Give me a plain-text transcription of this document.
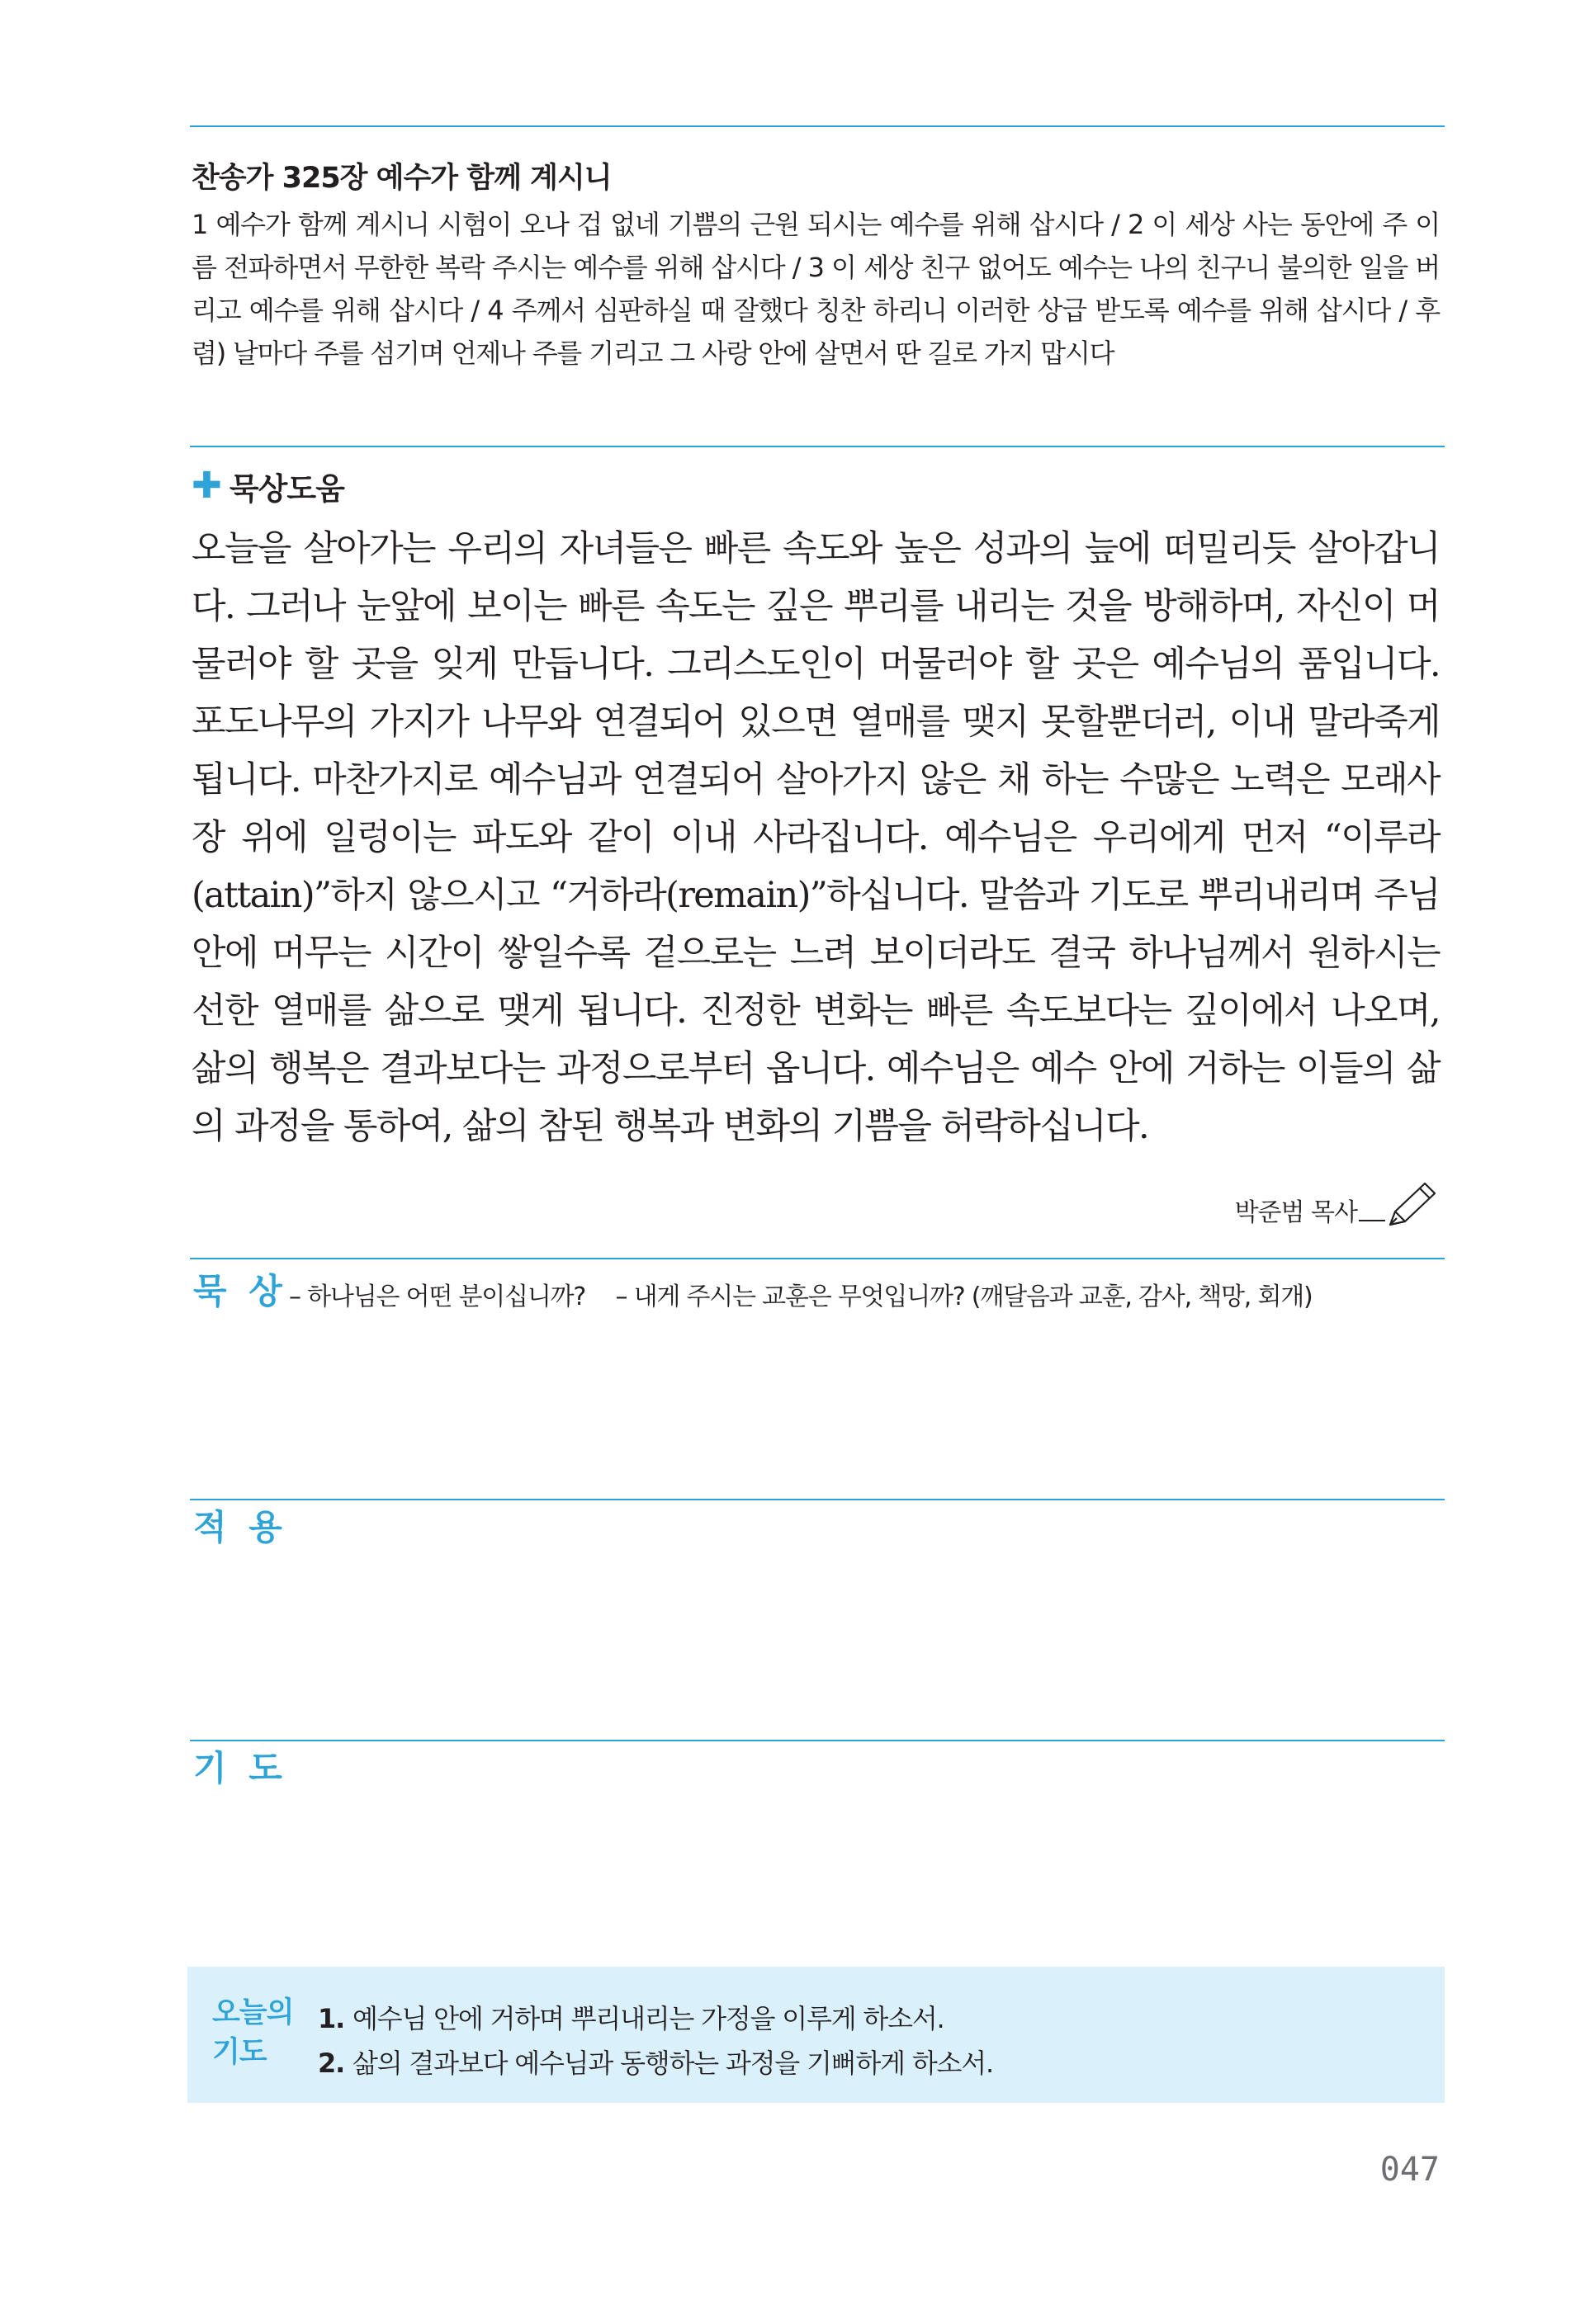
찬송가 325장 예수가 함께 계시니

1 예수가 함께 계시니 시험이 오나 겁 없네 기쁨의 근원 되시는 예수를 위해 삽시다 / 2 이 세상 사는 동안에 주 이름 전파하면서 무한한 복락 주시는 예수를 위해 삽시다 / 3 이 세상 친구 없어도 예수는 나의 친구니 불의한 일을 버리고 예수를 위해 삽시다 / 4 주께서 심판하실 때 잘했다 칭찬 하리니 이러한 상급 받도록 예수를 위해 삽시다 / 후렴) 날마다 주를 섬기며 언제나 주를 기리고 그 사랑 안에 살면서 딴 길로 가지 맙시다

✚ 묵상도움

오늘을 살아가는 우리의 자녀들은 빠른 속도와 높은 성과의 늪에 떠밀리듯 살아갑니다. 그러나 눈앞에 보이는 빠른 속도는 깊은 뿌리를 내리는 것을 방해하며, 자신이 머물러야 할 곳을 잊게 만듭니다. 그리스도인이 머물러야 할 곳은 예수님의 품입니다. 포도나무의 가지가 나무와 연결되어 있으면 열매를 맺지 못할뿐더러, 이내 말라죽게 됩니다. 마찬가지로 예수님과 연결되어 살아가지 않은 채 하는 수많은 노력은 모래사장 위에 일렁이는 파도와 같이 이내 사라집니다. 예수님은 우리에게 먼저 “이루라(attain)”하지 않으시고 “거하라(remain)”하십니다. 말씀과 기도로 뿌리내리며 주님 안에 머무는 시간이 쌓일수록 겉으로는 느려 보이더라도 결국 하나님께서 원하시는 선한 열매를 삶으로 맺게 됩니다. 진정한 변화는 빠른 속도보다는 깊이에서 나오며, 삶의 행복은 결과보다는 과정으로부터 옵니다. 예수님은 예수 안에 거하는 이들의 삶의 과정을 통하여, 삶의 참된 행복과 변화의 기쁨을 허락하십니다.

박준범 목사
묵 상 – 하나님은 어떤 분이십니까? – 내게 주시는 교훈은 무엇입니까? (깨달음과 교훈, 감사, 책망, 회개)
적 용
기 도
오늘의
기도
1. 예수님 안에 거하며 뿌리내리는 가정을 이루게 하소서.
2. 삶의 결과보다 예수님과 동행하는 과정을 기뻐하게 하소서.
047
